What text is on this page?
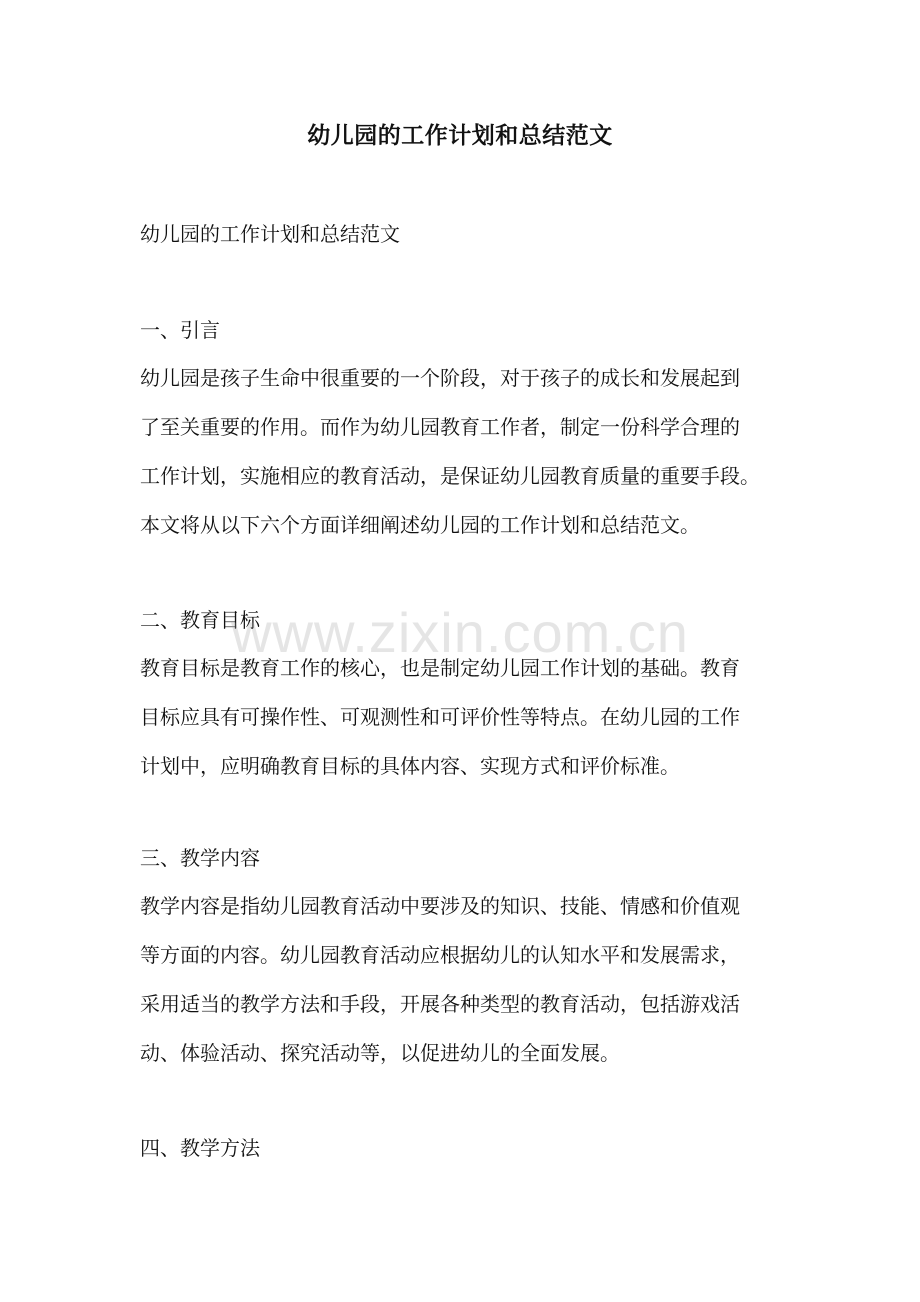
幼儿园的工作计划和总结范文
幼儿园的工作计划和总结范文
一、引言
幼儿园是孩子生命中很重要的一个阶段，对于孩子的成长和发展起到
了至关重要的作用。而作为幼儿园教育工作者，制定一份科学合理的
工作计划，实施相应的教育活动，是保证幼儿园教育质量的重要手段。
本文将从以下六个方面详细阐述幼儿园的工作计划和总结范文。
二、教育目标
教育目标是教育工作的核心，也是制定幼儿园工作计划的基础。教育
目标应具有可操作性、可观测性和可评价性等特点。在幼儿园的工作
计划中，应明确教育目标的具体内容、实现方式和评价标准。
三、教学内容
教学内容是指幼儿园教育活动中要涉及的知识、技能、情感和价值观
等方面的内容。幼儿园教育活动应根据幼儿的认知水平和发展需求，
采用适当的教学方法和手段，开展各种类型的教育活动，包括游戏活
动、体验活动、探究活动等，以促进幼儿的全面发展。
四、教学方法
www.zixin.com.cn
